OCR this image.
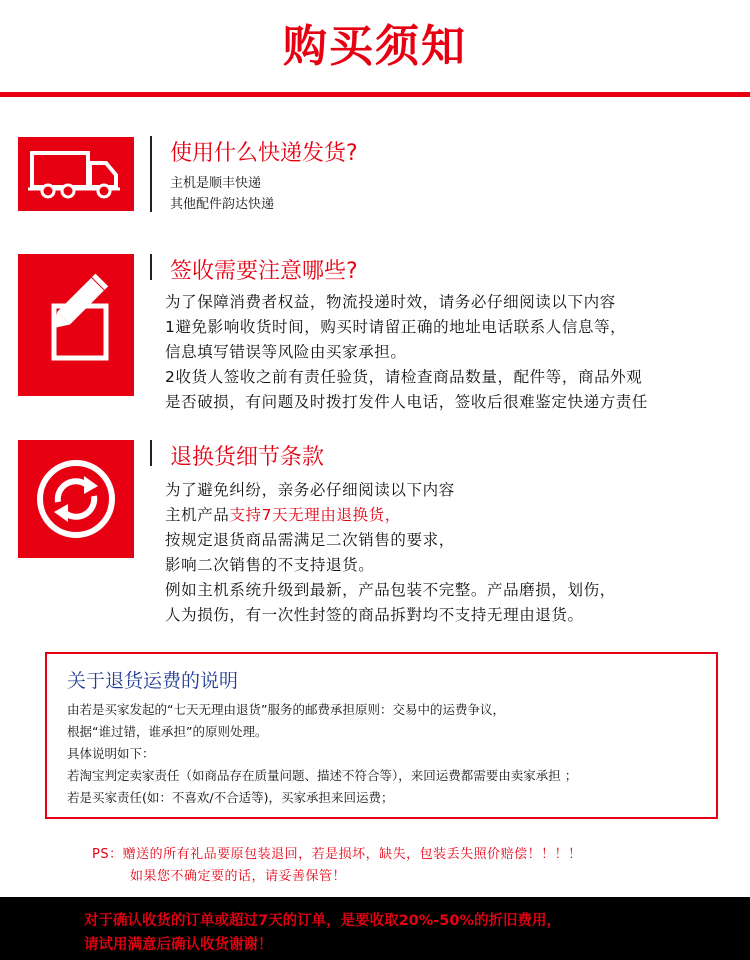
购买须知
使用什么快递发货?
主机是顺丰快递
其他配件韵达快递
签收需要注意哪些?
为了保障消费者权益，物流投递时效，请务必仔细阅读以下内容
1避免影响收货时间，购买时请留正确的地址电话联系人信息等，
信息填写错误等风险由买家承担。
2收货人签收之前有责任验货，请检查商品数量，配件等，商品外观
是否破损，有问题及时拨打发件人电话，签收后很难鉴定快递方责任
退换货细节条款
为了避免纠纷，亲务必仔细阅读以下内容
主机产品支持7天无理由退换货，
按规定退货商品需满足二次销售的要求，
影响二次销售的不支持退货。
例如主机系统升级到最新，产品包装不完整。产品磨损，划伤，
人为损伤，有一次性封签的商品拆對均不支持无理由退货。
关于退货运费的说明
由若是买家发起的“七天无理由退货”服务的邮费承担原则：交易中的运费争议，
根据“谁过错，谁承担”的原则处理。
具体说明如下：
若淘宝判定卖家责任（如商品存在质量问题、描述不符合等），来回运费都需要由卖家承担 ；
若是买家责任(如：不喜欢/不合适等)，买家承担来回运费；
PS：赠送的所有礼品要原包装退回，若是损坏，缺失，包装丢失照价赔偿！！！！
如果您不确定要的话，请妥善保管！
对于确认收货的订单或超过7天的订单，是要收取20%-50%的折旧费用，
请试用满意后确认收货谢谢！
